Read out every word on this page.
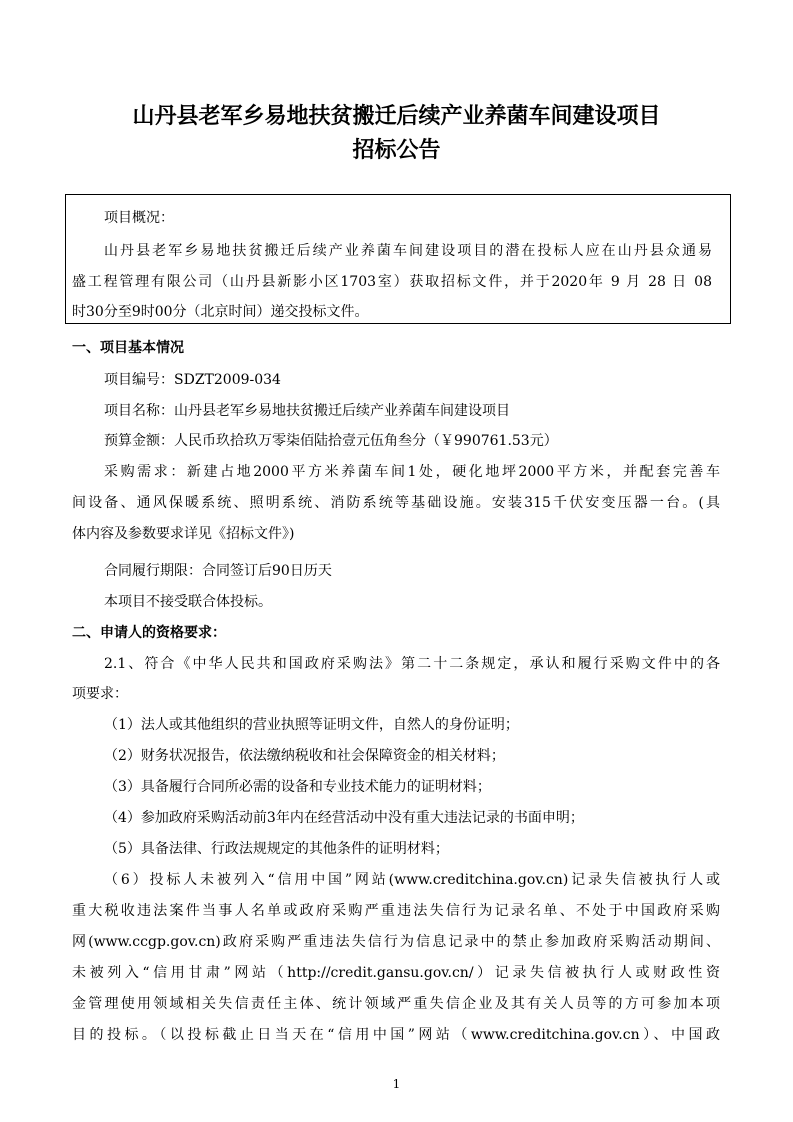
山丹县老军乡易地扶贫搬迁后续产业养菌车间建设项目
招标公告
项目概况：
山丹县老军乡易地扶贫搬迁后续产业养菌车间建设项目的潜在投标人应在山丹县众通易
盛工程管理有限公司（山丹县新影小区1703室）获取招标文件，并于2020年 9 月 28 日 08
时30分至9时00分（北京时间）递交投标文件。
一、项目基本情况
项目编号：SDZT2009-034
项目名称：山丹县老军乡易地扶贫搬迁后续产业养菌车间建设项目
预算金额：人民币玖拾玖万零柒佰陆拾壹元伍角叁分（￥990761.53元）
采购需求：新建占地2000平方米养菌车间1处，硬化地坪2000平方米，并配套完善车
间设备、通风保暖系统、照明系统、消防系统等基础设施。安装315千伏安变压器一台。(具
体内容及参数要求详见《招标文件》)
合同履行期限：合同签订后90日历天
本项目不接受联合体投标。
二、申请人的资格要求：
2.1、符合《中华人民共和国政府采购法》第二十二条规定，承认和履行采购文件中的各
项要求：
（1）法人或其他组织的营业执照等证明文件，自然人的身份证明；
（2）财务状况报告，依法缴纳税收和社会保障资金的相关材料；
（3）具备履行合同所必需的设备和专业技术能力的证明材料；
（4）参加政府采购活动前3年内在经营活动中没有重大违法记录的书面申明；
（5）具备法律、行政法规规定的其他条件的证明材料；
（6）投标人未被列入“信用中国”网站(www.creditchina.gov.cn)记录失信被执行人或
重大税收违法案件当事人名单或政府采购严重违法失信行为记录名单、不处于中国政府采购
网(www.ccgp.gov.cn)政府采购严重违法失信行为信息记录中的禁止参加政府采购活动期间、
未被列入“信用甘肃”网站（http://credit.gansu.gov.cn/）记录失信被执行人或财政性资
金管理使用领域相关失信责任主体、统计领域严重失信企业及其有关人员等的方可参加本项
目的投标。（以投标截止日当天在“信用中国”网站（www.creditchina.gov.cn）、中国政
1
